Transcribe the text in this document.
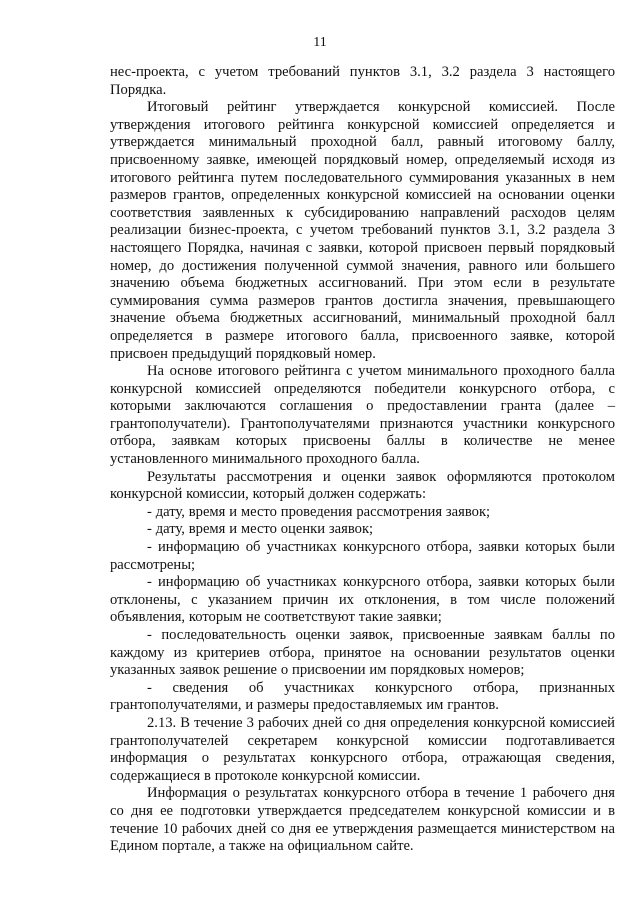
11

нес-проекта, с учетом требований пунктов 3.1, 3.2 раздела 3 настоящего Порядка.

Итоговый рейтинг утверждается конкурсной комиссией. После утверждения итогового рейтинга конкурсной комиссией определяется и утверждается минимальный проходной балл, равный итоговому баллу, присвоенному заявке, имеющей порядковый номер, определяемый исходя из итогового рейтинга путем последовательного суммирования указанных в нем размеров грантов, определенных конкурсной комиссией на основании оценки соответствия заявленных к субсидированию направлений расходов целям реализации бизнес-проекта, с учетом требований пунктов 3.1, 3.2 раздела 3 настоящего Порядка, начиная с заявки, которой присвоен первый порядковый номер, до достижения полученной суммой значения, равного или большего значению объема бюджетных ассигнований. При этом если в результате суммирования сумма размеров грантов достигла значения, превышающего значение объема бюджетных ассигнований, минимальный проходной балл определяется в размере итогового балла, присвоенного заявке, которой присвоен предыдущий порядковый номер.

На основе итогового рейтинга с учетом минимального проходного балла конкурсной комиссией определяются победители конкурсного отбора, с которыми заключаются соглашения о предоставлении гранта (далее – грантополучатели). Грантополучателями признаются участники конкурсного отбора, заявкам которых присвоены баллы в количестве не менее установленного минимального проходного балла.

Результаты рассмотрения и оценки заявок оформляются протоколом конкурсной комиссии, который должен содержать:

- дату, время и место проведения рассмотрения заявок;

- дату, время и место оценки заявок;

- информацию об участниках конкурсного отбора, заявки которых были рассмотрены;

- информацию об участниках конкурсного отбора, заявки которых были отклонены, с указанием причин их отклонения, в том числе положений объявления, которым не соответствуют такие заявки;

- последовательность оценки заявок, присвоенные заявкам баллы по каждому из критериев отбора, принятое на основании результатов оценки указанных заявок решение о присвоении им порядковых номеров;

- сведения об участниках конкурсного отбора, признанных грантополучателями, и размеры предоставляемых им грантов.

2.13. В течение 3 рабочих дней со дня определения конкурсной комиссией грантополучателей секретарем конкурсной комиссии подготавливается информация о результатах конкурсного отбора, отражающая сведения, содержащиеся в протоколе конкурсной комиссии.

Информация о результатах конкурсного отбора в течение 1 рабочего дня со дня ее подготовки утверждается председателем конкурсной комиссии и в течение 10 рабочих дней со дня ее утверждения размещается министерством на Едином портале, а также на официальном сайте.
